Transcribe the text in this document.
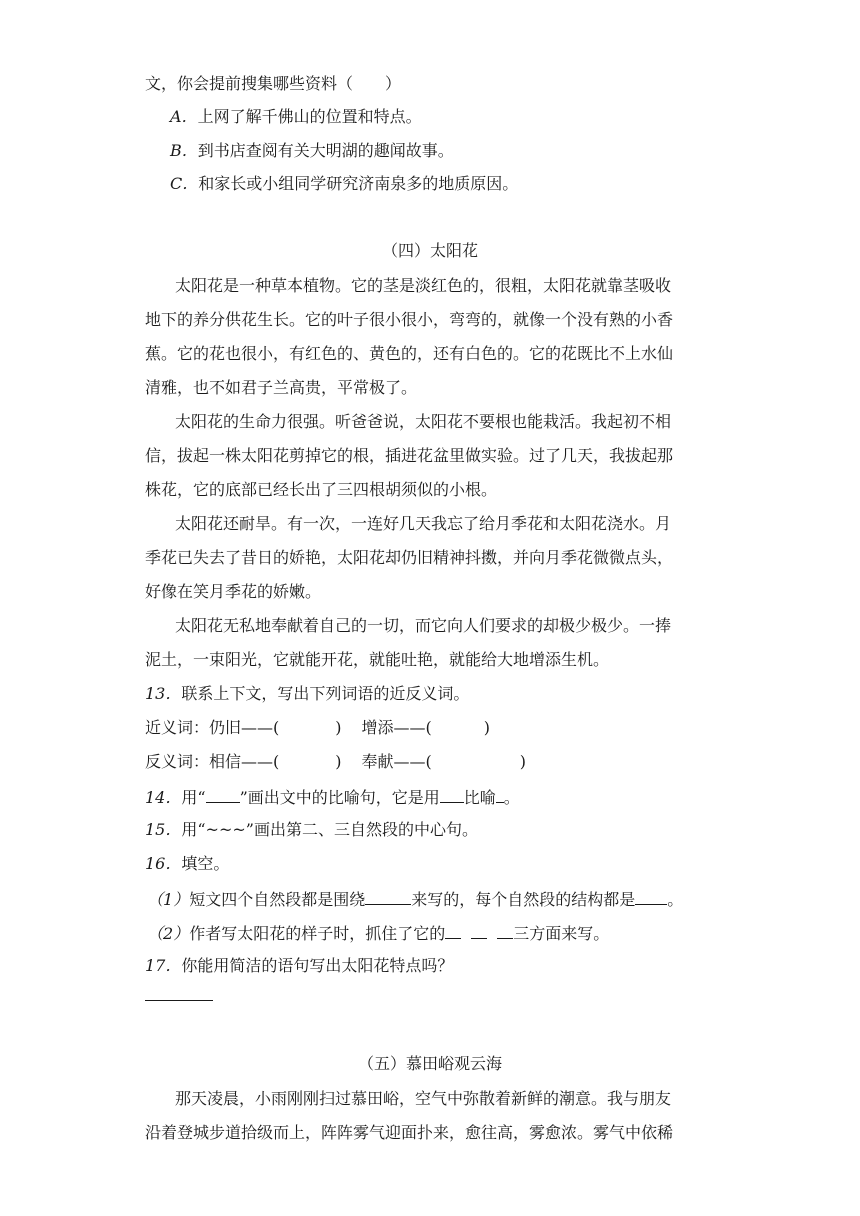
文，你会提前搜集哪些资料（　　）
A．上网了解千佛山的位置和特点。
B．到书店查阅有关大明湖的趣闻故事。
C．和家长或小组同学研究济南泉多的地质原因。
（四）太阳花
太阳花是一种草本植物。它的茎是淡红色的，很粗，太阳花就靠茎吸收
地下的养分供花生长。它的叶子很小很小，弯弯的，就像一个没有熟的小香
蕉。它的花也很小，有红色的、黄色的，还有白色的。它的花既比不上水仙
清雅，也不如君子兰高贵，平常极了。
太阳花的生命力很强。听爸爸说，太阳花不要根也能栽活。我起初不相
信，拔起一株太阳花剪掉它的根，插进花盆里做实验。过了几天，我拔起那
株花，它的底部已经长出了三四根胡须似的小根。
太阳花还耐旱。有一次，一连好几天我忘了给月季花和太阳花浇水。月
季花已失去了昔日的娇艳，太阳花却仍旧精神抖擞，并向月季花微微点头，
好像在笑月季花的娇嫩。
太阳花无私地奉献着自己的一切，而它向人们要求的却极少极少。一捧
泥土，一束阳光，它就能开花，就能吐艳，就能给大地增添生机。
13．联系上下文，写出下列词语的近反义词。
近义词：仍旧——(	) 增添——(	)
反义词：相信——(	) 奉献——(	)
14．用“ ”画出文中的比喻句，它是用 比喻 。
15．用“~~~”画出第二、三自然段的中心句。
16．填空。
（1）短文四个自然段都是围绕	来写的，每个自然段的结构都是 。
（2）作者写太阳花的样子时，抓住了它的	三方面来写。
17．你能用简洁的语句写出太阳花特点吗？
（五）慕田峪观云海
那天凌晨，小雨刚刚扫过慕田峪，空气中弥散着新鲜的潮意。我与朋友
沿着登城步道拾级而上，阵阵雾气迎面扑来，愈往高，雾愈浓。雾气中依稀
